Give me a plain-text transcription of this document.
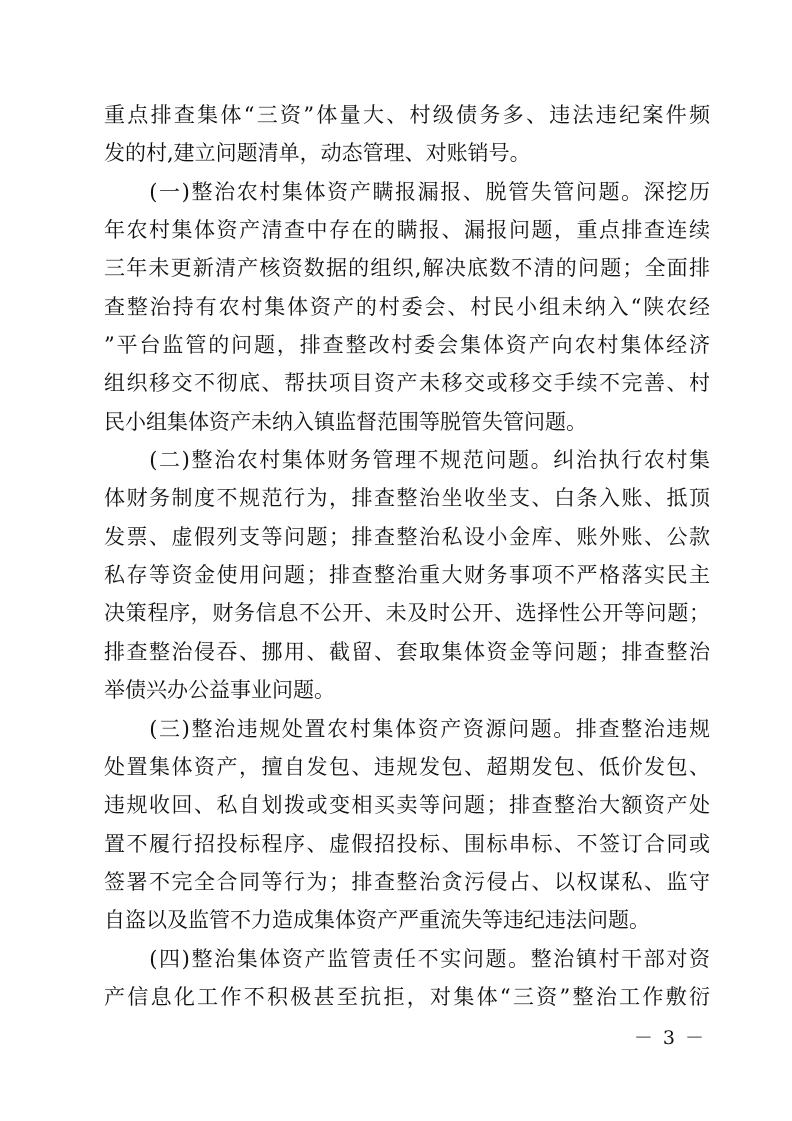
重点排查集体“三资”体量大、村级债务多、违法违纪案件频
发的村,建立问题清单，动态管理、对账销号。
　　(一)整治农村集体资产瞒报漏报、脱管失管问题。深挖历
年农村集体资产清查中存在的瞒报、漏报问题，重点排查连续
三年未更新清产核资数据的组织,解决底数不清的问题；全面排
查整治持有农村集体资产的村委会、村民小组未纳入“陕农经
”平台监管的问题，排查整改村委会集体资产向农村集体经济
组织移交不彻底、帮扶项目资产未移交或移交手续不完善、村
民小组集体资产未纳入镇监督范围等脱管失管问题。
　　(二)整治农村集体财务管理不规范问题。纠治执行农村集
体财务制度不规范行为，排查整治坐收坐支、白条入账、抵顶
发票、虚假列支等问题；排查整治私设小金库、账外账、公款
私存等资金使用问题；排查整治重大财务事项不严格落实民主
决策程序，财务信息不公开、未及时公开、选择性公开等问题；
排查整治侵吞、挪用、截留、套取集体资金等问题；排查整治
举债兴办公益事业问题。
　　(三)整治违规处置农村集体资产资源问题。排查整治违规
处置集体资产，擅自发包、违规发包、超期发包、低价发包、
违规收回、私自划拨或变相买卖等问题；排查整治大额资产处
置不履行招投标程序、虚假招投标、围标串标、不签订合同或
签署不完全合同等行为；排查整治贪污侵占、以权谋私、监守
自盗以及监管不力造成集体资产严重流失等违纪违法问题。
　　(四)整治集体资产监管责任不实问题。整治镇村干部对资
产信息化工作不积极甚至抗拒，对集体“三资”整治工作敷衍
－ 3 －
